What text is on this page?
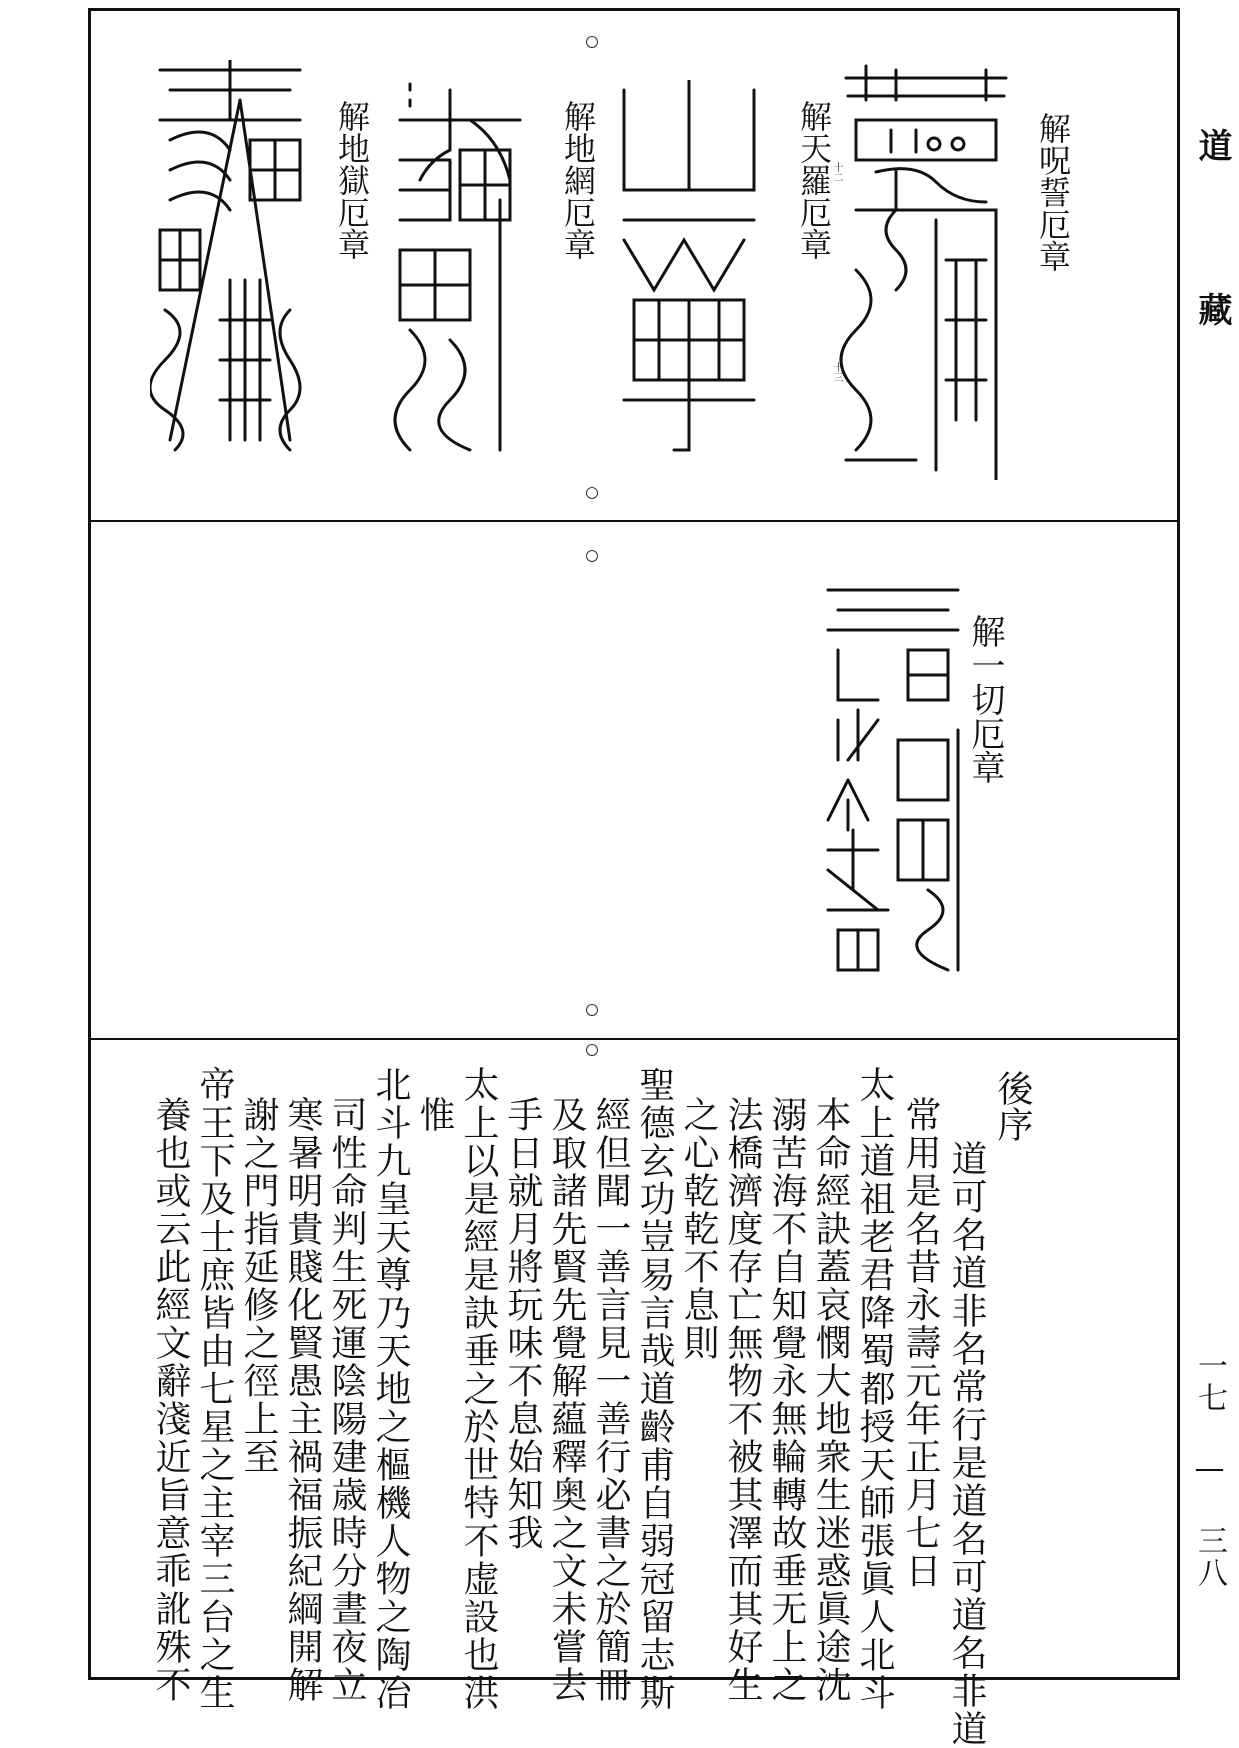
道　藏
一七 — 三八
解呪誓厄章
解天羅厄章
解地網厄章
解地獄厄章	十二
十三
解一切厄章
後序
道可名道非名常行是道名可道名非道
常用是名昔永壽元年正月七日
太上道祖老君降蜀都授天師張眞人北斗
本命經訣蓋哀憫大地衆生迷惑眞途沈
溺苦海不自知覺永無輪轉故垂无上之
法橋濟度存亡無物不被其澤而其好生
之心乾乾不息則
聖德玄功豈易言哉道齡甫自弱冠留志斯
經但聞一善言見一善行必書之於簡冊
及取諸先賢先覺解藴釋奥之文未嘗去
手日就月將玩味不息始知我
太上以是經是訣垂之於世特不虚設也洪
惟
北斗九皇天尊乃天地之樞機人物之陶冶
司性命判生死運陰陽建歳時分晝夜立
寒暑明貴賤化賢愚主禍福振紀綱開解
謝之門指延修之徑上至
帝王下及士庶皆由七星之主宰三台之生
養也或云此經文辭淺近旨意乖訛殊不
